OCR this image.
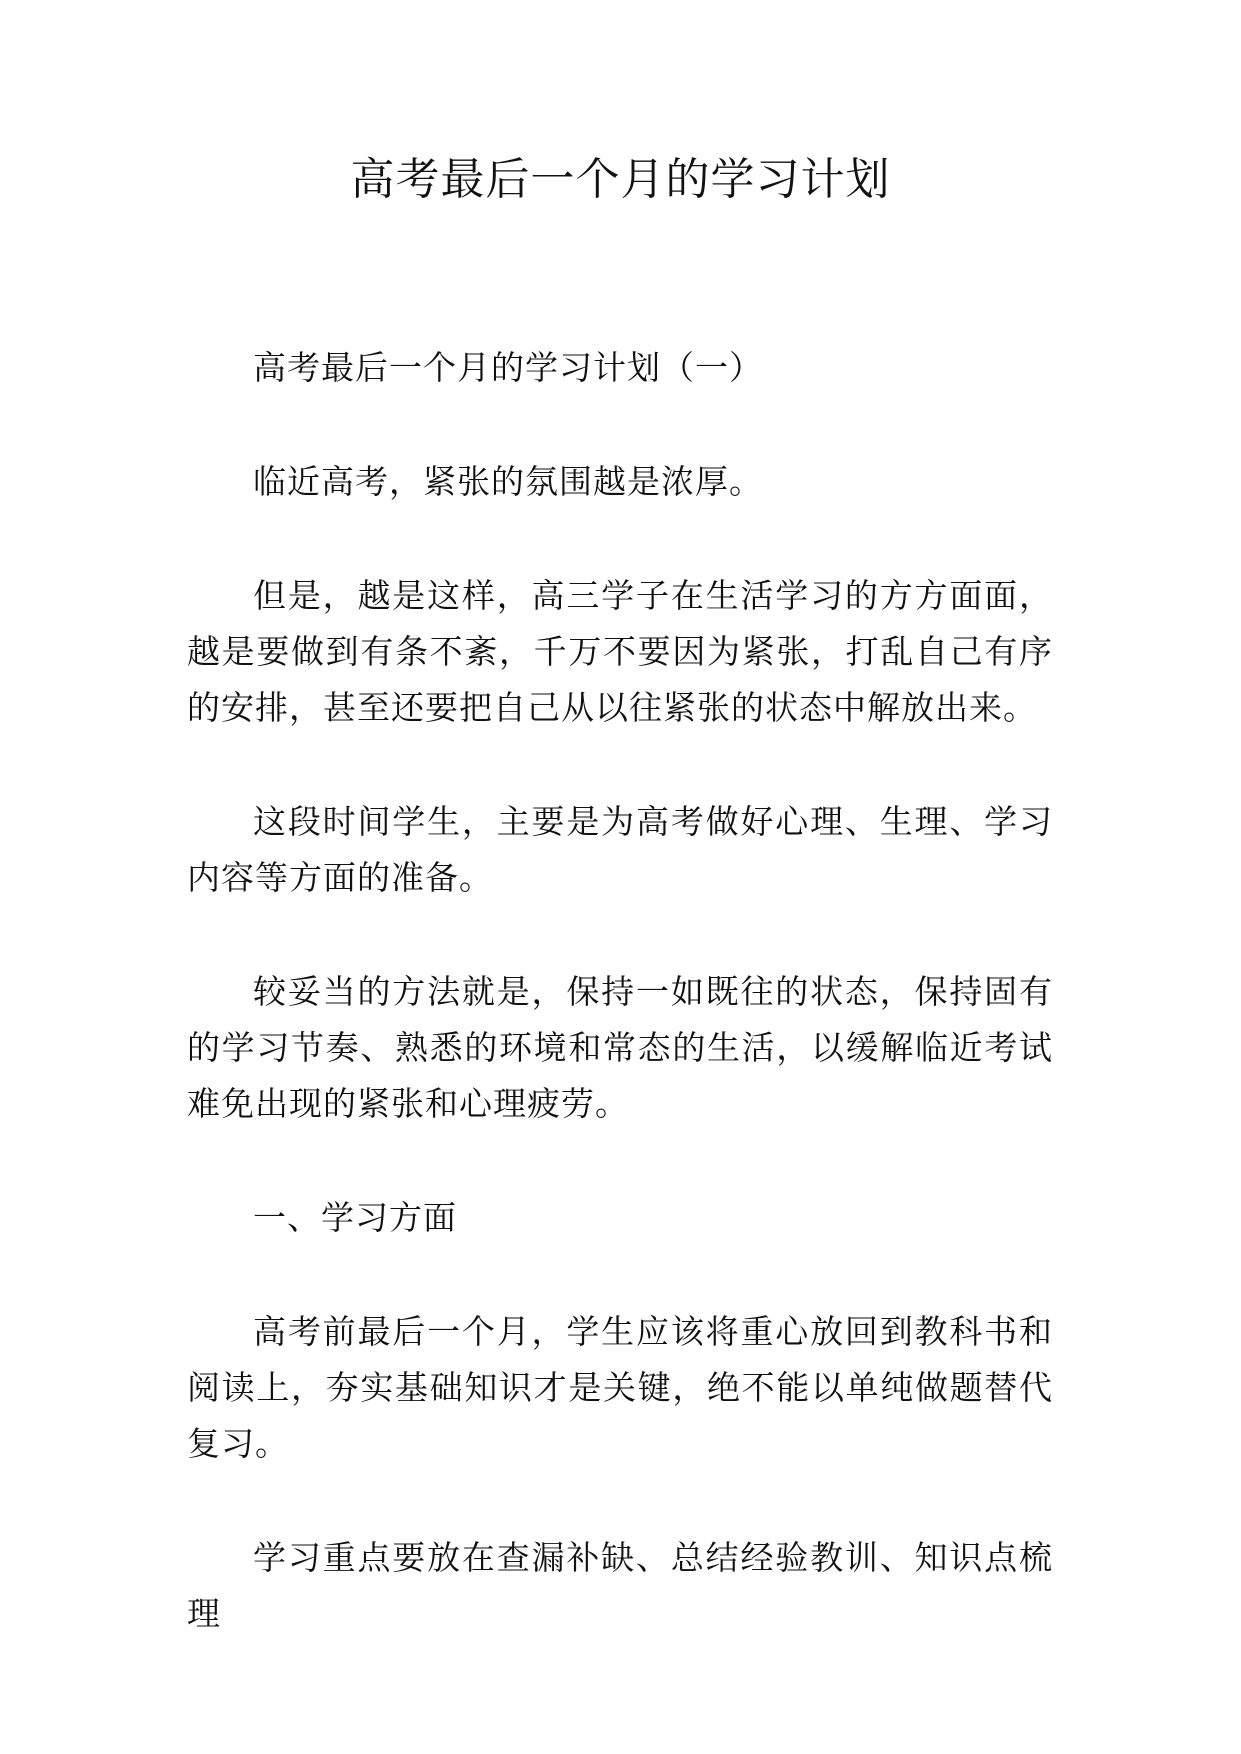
高考最后一个月的学习计划

高考最后一个月的学习计划（一）

临近高考，紧张的氛围越是浓厚。

但是，越是这样，高三学子在生活学习的方方面面，越是要做到有条不紊，千万不要因为紧张，打乱自己有序的安排，甚至还要把自己从以往紧张的状态中解放出来。

这段时间学生，主要是为高考做好心理、生理、学习内容等方面的准备。

较妥当的方法就是，保持一如既往的状态，保持固有的学习节奏、熟悉的环境和常态的生活，以缓解临近考试难免出现的紧张和心理疲劳。

一、学习方面

高考前最后一个月，学生应该将重心放回到教科书和阅读上，夯实基础知识才是关键，绝不能以单纯做题替代复习。

学习重点要放在查漏补缺、总结经验教训、知识点梳理
